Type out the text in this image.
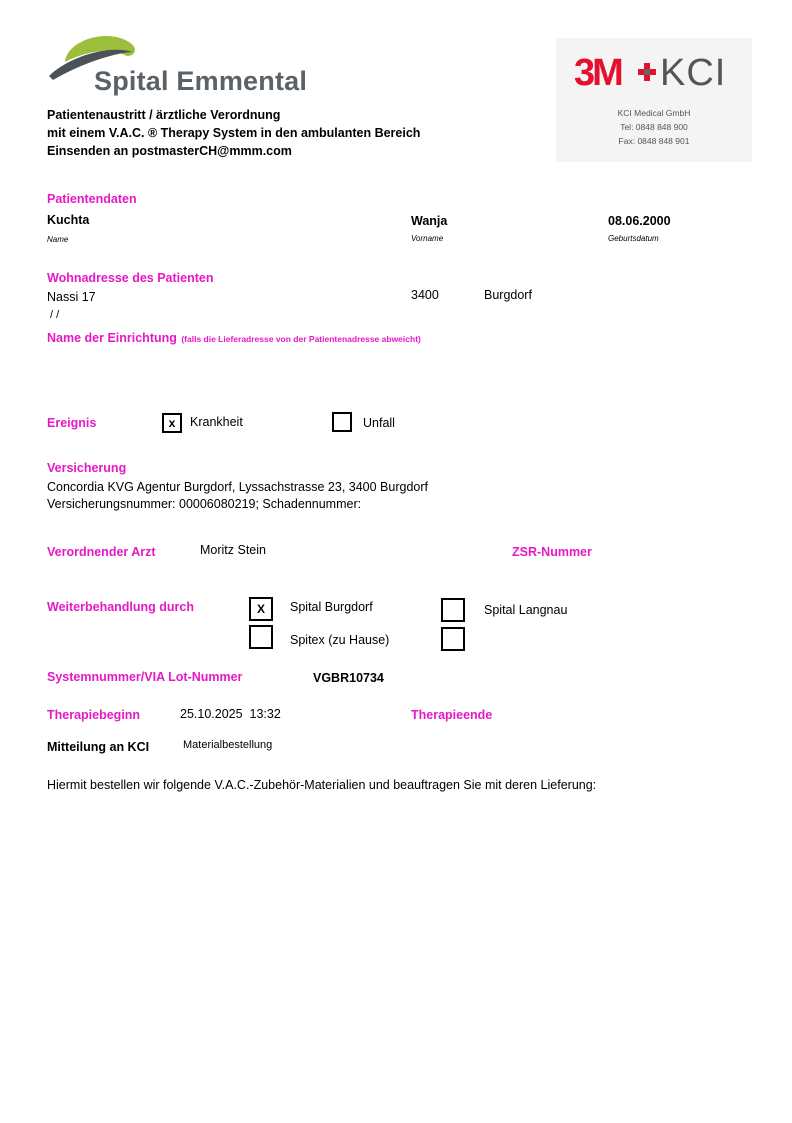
Spital Emmental
Patientenaustritt / ärztliche Verordnung
mit einem V.A.C. ® Therapy System in den ambulanten Bereich
Einsenden an postmasterCH@mmm.com
3M KCI
KCI Medical GmbH
Tel: 0848 848 900
Fax: 0848 848 901
Patientendaten
Kuchta
Name
Wanja
Vorname
08.06.2000
Geburtsdatum
Wohnadresse des Patienten
Nassi 17	3400	Burgdorf
/ /
Name der Einrichtung (falls die Lieferadresse von der Patientenadresse abweicht)
Ereignis	x	Krankheit	Unfall
Versicherung
Concordia KVG Agentur Burgdorf, Lyssachstrasse 23, 3400 Burgdorf
Versicherungsnummer: 00006080219; Schadennummer:
Verordnender Arzt	Moritz Stein	ZSR-Nummer
Weiterbehandlung durch	X	Spital Burgdorf	Spital Langnau
Spitex (zu Hause)
Systemnummer/VIA Lot-Nummer	VGBR10734
Therapiebeginn	25.10.2025  13:32	Therapieende
Mitteilung an KCI	Materialbestellung
Hiermit bestellen wir folgende V.A.C.-Zubehör-Materialien und beauftragen Sie mit deren Lieferung:
